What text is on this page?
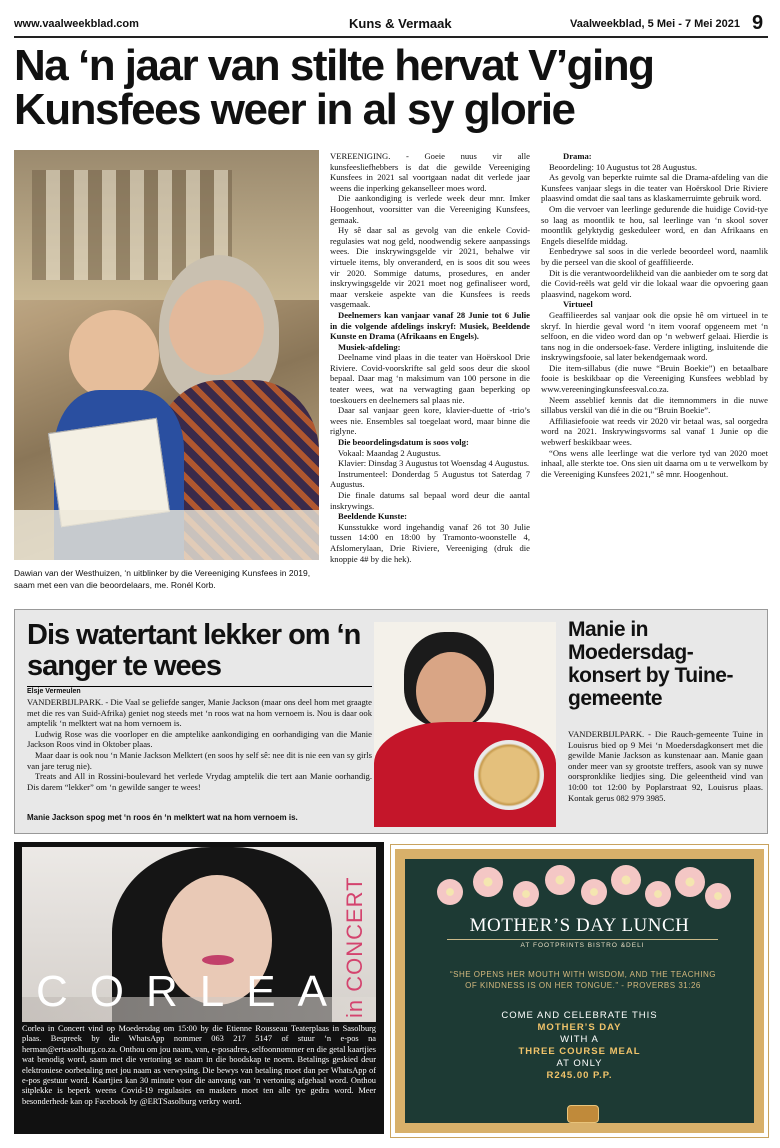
www.vaalweekblad.com	Kuns & Vermaak	Vaalweekblad, 5 Mei - 7 Mei 2021 9
Na ‘n jaar van stilte hervat V’ging Kunsfees weer in al sy glorie
Dawian van der Westhuizen, ‘n uitblinker by die Vereeniging Kunsfees in 2019, saam met een van die beoordelaars, me. Ronél Korb.

VEREENIGING. - Goeie nuus vir alle kunsfeesliefhebbers is dat die gewilde Vereeniging Kunsfees in 2021 sal voortgaan nadat dit verlede jaar weens die inperking gekanselleer moes word.

Die aankondiging is verlede week deur mnr. Imker Hoogenhout, voorsitter van die Vereeniging Kunsfees, gemaak.

Hy sê daar sal as gevolg van die enkele Covid-regulasies wat nog geld, noodwendig sekere aanpassings wees. Die inskrywingsgelde vir 2021, behalwe vir virtuele items, bly onveranderd, en is soos dit sou wees vir 2020. Sommige datums, prosedures, en ander inskrywingsgelde vir 2021 moet nog gefinaliseer word, maar verskeie aspekte van die Kunsfees is reeds vasgemaak.

Deelnemers kan vanjaar vanaf 28 Junie tot 6 Julie in die volgende afdelings inskryf: Musiek, Beeldende Kunste en Drama (Afrikaans en Engels).

Musiek-afdeling:

Deelname vind plaas in die teater van Hoërskool Drie Riviere. Covid-voorskrifte sal geld soos deur die skool bepaal. Daar mag ‘n maksimum van 100 persone in die teater wees, wat na verwagting gaan beperking op toeskouers en deelnemers sal plaas nie.

Daar sal vanjaar geen kore, klavier-duette of -trio’s wees nie. Ensembles sal toegelaat word, maar binne die riglyne.

Die beoordelingsdatum is soos volg:

Vokaal: Maandag 2 Augustus.

Klavier: Dinsdag 3 Augustus tot Woensdag 4 Augustus.

Instrumenteel: Donderdag 5 Augustus tot Saterdag 7 Augustus.

Die finale datums sal bepaal word deur die aantal inskrywings.

Beeldende Kunste:

Kunsstukke word ingehandig vanaf 26 tot 30 Julie tussen 14:00 en 18:00 by Tramonto-woonstelle 4, Afslomerylaan, Drie Riviere, Vereeniging (druk die knoppie 4# by die hek).

Drama:

Beoordeling: 10 Augustus tot 28 Augustus.

As gevolg van beperkte ruimte sal die Drama-afdeling van die Kunsfees vanjaar slegs in die teater van Hoërskool Drie Riviere plaasvind omdat die saal tans as klaskamerruimte gebruik word.

Om die vervoer van leerlinge gedurende die huidige Covid-tye so laag as moontlik te hou, sal leerlinge van ‘n skool sover moontlik gelyktydig geskeduleer word, en dan Afrikaans en Engels dieselfde middag.

Eenbedrywe sal soos in die verlede beoordeel word, naamlik by die perseel van die skool of geaffilieerde.

Dit is die verantwoordelikheid van die aanbieder om te sorg dat die Covid-reëls wat geld vir die lokaal waar die opvoering gaan plaasvind, nagekom word.

Virtueel

Geaffilieerdes sal vanjaar ook die opsie hê om virtueel in te skryf. In hierdie geval word ‘n item vooraf opgeneem met ‘n selfoon, en die video word dan op ‘n webwerf gelaai. Hierdie is tans nog in die ondersoek-fase. Verdere inligting, insluitende die inskrywingsfooie, sal later bekendgemaak word.

Die item-sillabus (die nuwe “Bruin Boekie”) en betaalbare fooie is beskikbaar op die Vereeniging Kunsfees webblad by www.vereeningingkunsfeesval.co.za.

Neem asseblief kennis dat die itemnommers in die nuwe sillabus verskil van dié in die ou “Bruin Boekie”.

Affiliasiefooie wat reeds vir 2020 vir betaal was, sal oorgedra word na 2021. Inskrywingsvorms sal vanaf 1 Junie op die webwerf beskikbaar wees.

“Ons wens alle leerlinge wat die verlore tyd van 2020 moet inhaal, alle sterkte toe. Ons sien uit daarna om u te verwelkom by die Vereeniging Kunsfees 2021,” sê mnr. Hoogenhout.

Dis watertant lekker om ‘n sanger te wees
Elsje Vermeulen

VANDERBIJLPARK. - Die Vaal se geliefde sanger, Manie Jackson (maar ons deel hom met graagte met die res van Suid-Afrika) geniet nog steeds met ‘n roos wat na hom vernoem is. Nou is daar ook amptelik ‘n melktert wat na hom vernoem is.

Ludwig Rose was die voorloper en die amptelike aankondiging en oorhandiging van die Manie Jackson Roos vind in Oktober plaas.

Maar daar is ook nou ‘n Manie Jackson Melktert (en soos hy self sê: nee dit is nie een van sy girls van jare terug nie).

Treats and All in Rossini-boulevard het verlede Vrydag amptelik die tert aan Manie oorhandig. Dis darem “lekker” om ‘n gewilde sanger te wees!

Manie Jackson spog met ‘n roos én ‘n melktert wat na hom vernoem is.
Manie in Moedersdag-konsert by Tuine-gemeente
VANDERBIJLPARK. - Die Rauch-gemeente Tuine in Louisrus bied op 9 Mei ‘n Moedersdagkonsert met die gewilde Manie Jackson as kunstenaar aan. Manie gaan onder meer van sy grootste treffers, asook van sy nuwe oorspronklike liedjies sing. Die geleentheid vind van 10:00 tot 12:00 by Poplarstraat 92, Louisrus plaas. Kontak gerus 082 979 3985.
CORLEA
in CONCERT
Corlea in Concert vind op Moedersdag om 15:00 by die Etienne Rousseau Teaterplaas in Sasolburg plaas. Bespreek by die WhatsApp nommer 063 217 5147 of stuur ‘n e-pos na herman@ertsasolburg.co.za. Onthou om jou naam, van, e-posadres, selfoonnommer en die getal kaartjies wat benodig word, saam met die vertoning se naam in die boodskap te noem. Betalings geskied deur elektroniese oorbetaling met jou naam as verwysing. Die bewys van betaling moet dan per WhatsApp of e-pos gestuur word. Kaartjies kan 30 minute voor die aanvang van ‘n vertoning afgehaal word. Onthou sitplekke is beperk weens Covid-19 regulasies en maskers moet ten alle tye gedra word. Meer besonderhede kan op Facebook by @ERTSasolburg verkry word.
MOTHER’S DAY LUNCH
AT FOOTPRINTS BISTRO &DELI
“SHE OPENS HER MOUTH WITH WISDOM, AND THE TEACHING OF KINDNESS IS ON HER TONGUE.” - PROVERBS 31:26
COME AND CELEBRATE THIS
MOTHER’S DAY
WITH A
THREE COURSE MEAL
AT ONLY
R245.00 P.P.
